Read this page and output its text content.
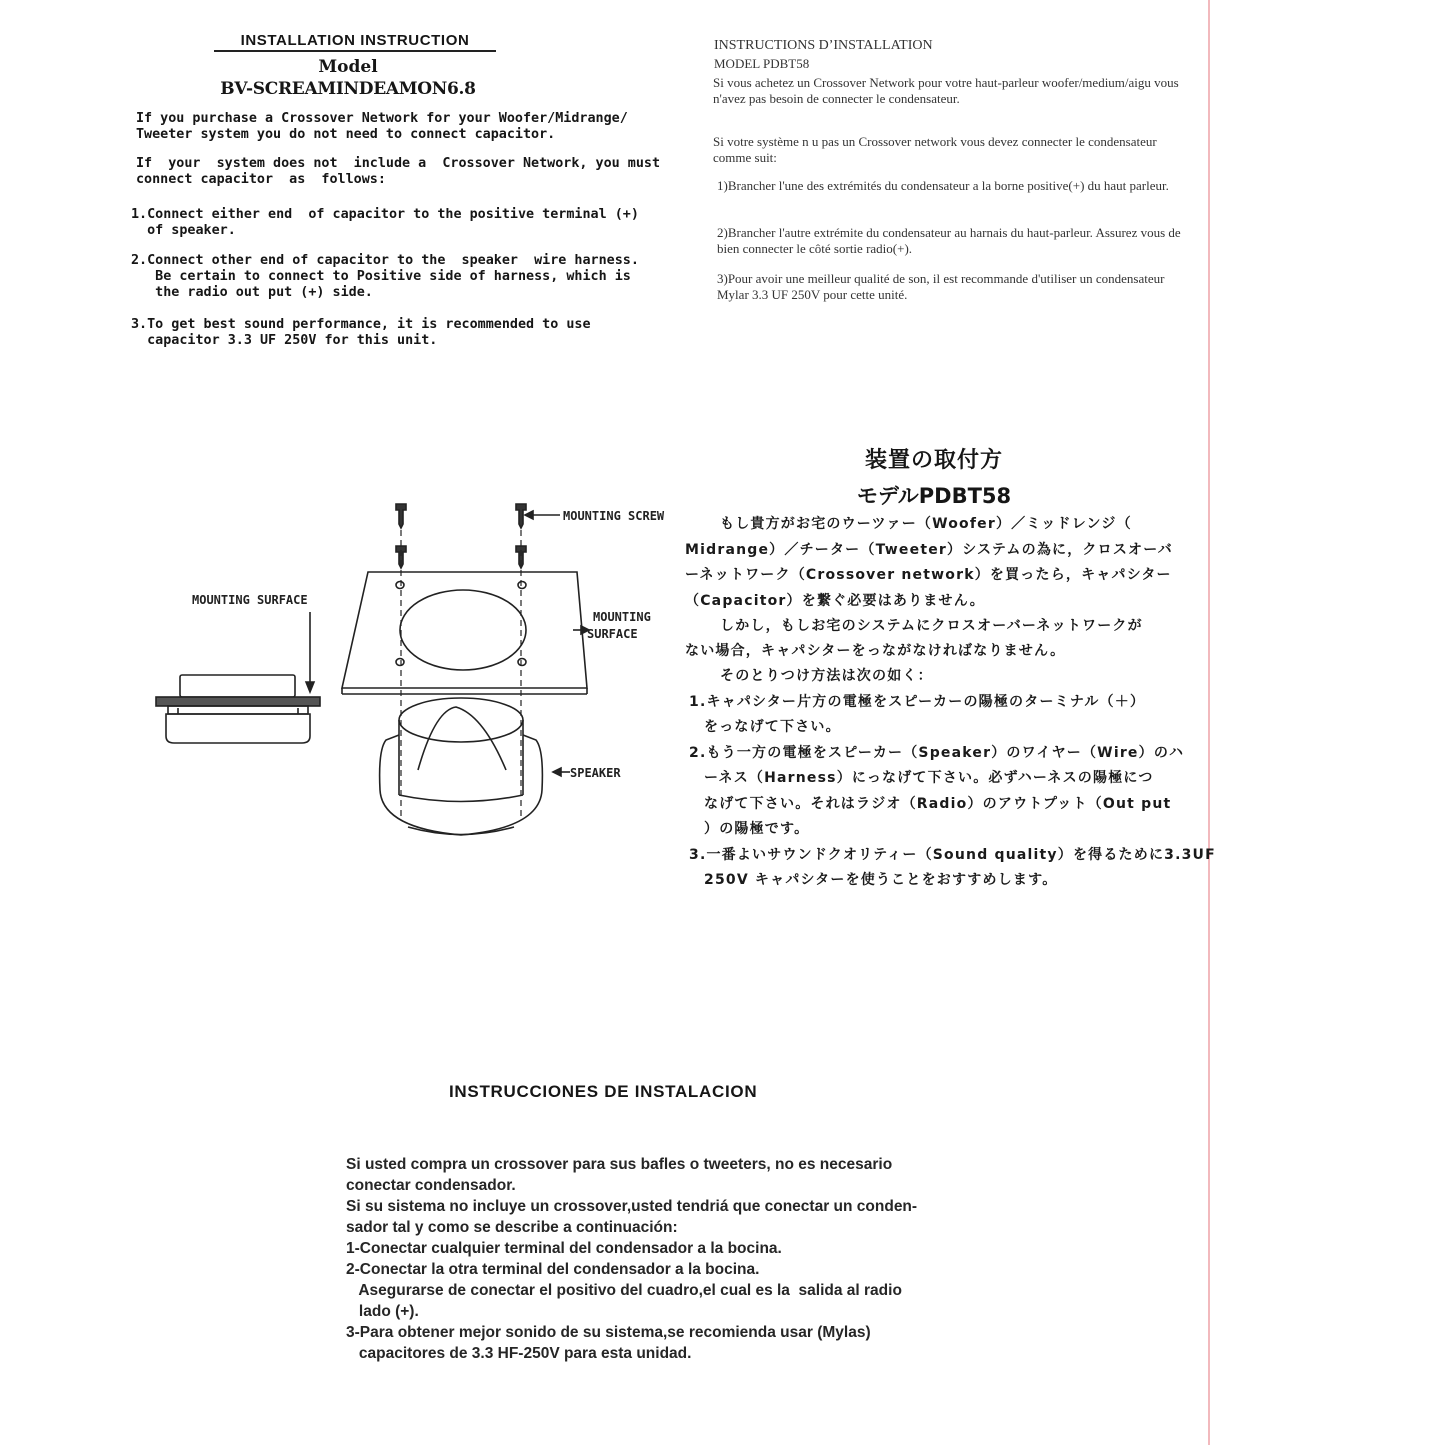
INSTALLATION INSTRUCTION
Model
BV-SCREAMINDEAMON6.8
If you purchase a Crossover Network for your Woofer/Midrange/
Tweeter system you do not need to connect capacitor.
If  your  system does not  include a  Crossover Network, you must
connect capacitor  as  follows:
1.Connect either end  of capacitor to the positive terminal (+)
of speaker.
2.Connect other end of capacitor to the  speaker  wire harness.
Be certain to connect to Positive side of harness, which is
the radio out put (+) side.
3.To get best sound performance, it is recommended to use
capacitor 3.3 UF 250V for this unit.

INSTRUCTIONS D’INSTALLATION

MODEL PDBT58

Si vous achetez un Crossover Network pour votre haut-parleur woofer/medium/aigu vous n'avez pas besoin de connecter le condensateur.

Si votre système n u pas un Crossover network vous devez connecter le condensateur comme suit:

1)Brancher l'une des extrémités du condensateur a la borne positive(+) du haut parleur.

2)Brancher l'autre extrémite du condensateur au harnais du haut-parleur. Assurez vous de bien connecter le côté sortie radio(+).

3)Pour avoir une meilleur qualité de son, il est recommande d'utiliser un condensateur Mylar 3.3 UF 250V pour cette unité.

装置の取付方
モデルPDBT58
もし貴方がお宅のウーツァー（Woofer）／ミッドレンジ（
Midrange）／チーター（Tweeter）システムの為に，クロスオーバ
ーネットワーク（Crossover network）を買ったら，キャパシター
（Capacitor）を繋ぐ必要はありません。
しかし，もしお宅のシステムにクロスオーバーネットワークが
ない場合，キャパシターをっながなければなりません。
そのとりつけ方法は次の如く：
1.キャパシター片方の電極をスピーカーの陽極のターミナル（＋）
をっなげて下さい。
2.もう一方の電極をスピーカー（Speaker）のワイヤー（Wire）のハ
ーネス（Harness）にっなげて下さい。必ずハーネスの陽極につ
なげて下さい。それはラジオ（Radio）のアウトプット（Out put
）の陽極です。
3.一番よいサウンドクオリティー（Sound quality）を得るために3.3UF
250V キャパシターを使うことをおすすめします。
MOUNTING SCREW
MOUNTING SURFACE
MOUNTING
SURFACE
SPEAKER
INSTRUCCIONES DE INSTALACION
Si usted compra un crossover para sus bafles o tweeters, no es necesario
conectar condensador.
Si su sistema no incluye un crossover,usted tendriá que conectar un conden-
sador tal y como se describe a continuación:
1-Conectar cualquier terminal del condensador a la bocina.
2-Conectar la otra terminal del condensador a la bocina.
Asegurarse de conectar el positivo del cuadro,el cual es la  salida al radio
lado (+).
3-Para obtener mejor sonido de su sistema,se recomienda usar (Mylas)
capacitores de 3.3 HF-250V para esta unidad.
